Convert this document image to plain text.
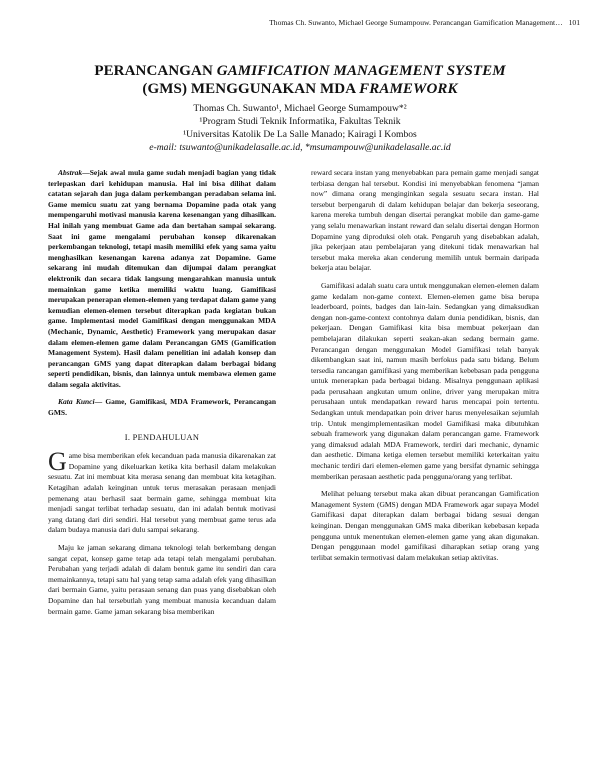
Thomas Ch. Suwanto, Michael George Sumampouw. Perancangan Gamification Management… 101
PERANCANGAN GAMIFICATION MANAGEMENT SYSTEM
(GMS) MENGGUNAKAN MDA FRAMEWORK
Thomas Ch. Suwanto¹, Michael George Sumampouw*²
¹Program Studi Teknik Informatika, Fakultas Teknik
¹Universitas Katolik De La Salle Manado; Kairagi I Kombos
e-mail: tsuwanto@unikadelasalle.ac.id, *msumampouw@unikadelasalle.ac.id

Abstrak—Sejak awal mula game sudah menjadi bagian yang tidak terlepaskan dari kehidupan manusia. Hal ini bisa dilihat dalam catatan sejarah dan juga dalam perkembangan peradaban selama ini. Game memicu suatu zat yang bernama Dopamine pada otak yang mempengaruhi motivasi manusia karena kesenangan yang dihasilkan. Hal inilah yang membuat Game ada dan bertahan sampai sekarang. Saat ini game mengalami perubahan konsep dikarenakan perkembangan teknologi, tetapi masih memiliki efek yang sama yaitu menghasilkan kesenangan karena adanya zat Dopamine. Game sekarang ini mudah ditemukan dan dijumpai dalam perangkat elektronik dan secara tidak langsung mengarahkan manusia untuk memainkan game ketika memiliki waktu luang. Gamifikasi merupakan penerapan elemen-elemen yang terdapat dalam game yang kemudian elemen-elemen tersebut diterapkan pada kegiatan bukan game. Implementasi model Gamifikasi dengan menggunakan MDA (Mechanic, Dynamic, Aesthetic) Framework yang merupakan dasar dalam elemen-elemen game dalam Perancangan GMS (Gamification Management System). Hasil dalam penelitian ini adalah konsep dan perancangan GMS yang dapat diterapkan dalam berbagai bidang seperti pendidikan, bisnis, dan lainnya untuk membawa elemen game dalam segala aktivitas.

Kata Kunci— Game, Gamifikasi, MDA Framework, Perancangan GMS.

I. PENDAHULUAN

Game bisa memberikan efek kecanduan pada manusia dikarenakan zat Dopamine yang dikeluarkan ketika kita berhasil dalam melakukan sesuatu. Zat ini membuat kita merasa senang dan membuat kita ketagihan. Ketagihan adalah keinginan untuk terus merasakan perasaan menjadi pemenang atau berhasil saat bermain game, sehingga membuat kita menjadi sangat terlibat terhadap sesuatu, dan ini adalah bentuk motivasi yang datang dari diri sendiri. Hal tersebut yang membuat game terus ada dalam budaya manusia dari dulu sampai sekarang.

Maju ke jaman sekarang dimana teknologi telah berkembang dengan sangat cepat, konsep game tetap ada tetapi telah mengalami perubahan. Perubahan yang terjadi adalah di dalam bentuk game itu sendiri dan cara memainkannya, tetapi satu hal yang tetap sama adalah efek yang dihasilkan dari bermain Game, yaitu perasaan senang dan puas yang disebabkan oleh Dopamine dan hal tersebutlah yang membuat manusia kecanduan dalam bermain game. Game jaman sekarang bisa memberikan

reward secara instan yang menyebabkan para pemain game menjadi sangat terbiasa dengan hal tersebut. Kondisi ini menyebabkan fenomena “jaman now” dimana orang menginginkan segala sesuatu secara instan. Hal tersebut berpengaruh di dalam kehidupan belajar dan bekerja seseorang, karena mereka tumbuh dengan disertai perangkat mobile dan game-game yang selalu menawarkan instant reward dan selalu disertai dengan Hormon Dopamine yang diproduksi oleh otak. Pengaruh yang disebabkan adalah, jika pekerjaan atau pembelajaran yang ditekuni tidak menawarkan hal tersebut maka mereka akan cenderung memilih untuk bermain daripada bekerja atau belajar.

Gamifikasi adalah suatu cara untuk menggunakan elemen-elemen dalam game kedalam non-game context. Elemen-elemen game bisa berupa leaderboard, points, badges dan lain-lain. Sedangkan yang dimaksudkan dengan non-game-context contohnya dalam dunia pendidikan, bisnis, dan pekerjaan. Dengan Gamifikasi kita bisa membuat pekerjaan dan pembelajaran dilakukan seperti seakan-akan sedang bermain game. Perancangan dengan menggunakan Model Gamifikasi telah banyak dikembangkan saat ini, namun masih berfokus pada satu bidang. Belum tersedia rancangan gamifikasi yang memberikan kebebasan pada pengguna untuk menerapkan pada berbagai bidang. Misalnya penggunaan aplikasi pada perusahaan angkutan umum online, driver yang merupakan mitra perusahaan untuk mendapatkan reward harus mencapai poin tertentu. Sedangkan untuk mendapatkan poin driver harus menyelesaikan sejumlah trip. Untuk mengimplementasikan model Gamifikasi maka dibutuhkan sebuah framework yang digunakan dalam perancangan game. Framework yang dimaksud adalah MDA Framework, terdiri dari mechanic, dynamic dan aesthetic. Dimana ketiga elemen tersebut memiliki keterkaitan yaitu mechanic terdiri dari elemen-elemen game yang bersifat dynamic sehingga memberikan perasaan aesthetic pada pengguna/orang yang terlibat.

Melihat peluang tersebut maka akan dibuat perancangan Gamification Management System (GMS) dengan MDA Framework agar supaya Model Gamifikasi dapat diterapkan dalam berbagai bidang sesuai dengan keinginan. Dengan menggunakan GMS maka diberikan kebebasan kepada pengguna untuk menentukan elemen-elemen game yang akan digunakan. Dengan penggunaan model gamifikasi diharapkan setiap orang yang terlibat semakin termotivasi dalam melakukan setiap aktivitas.
